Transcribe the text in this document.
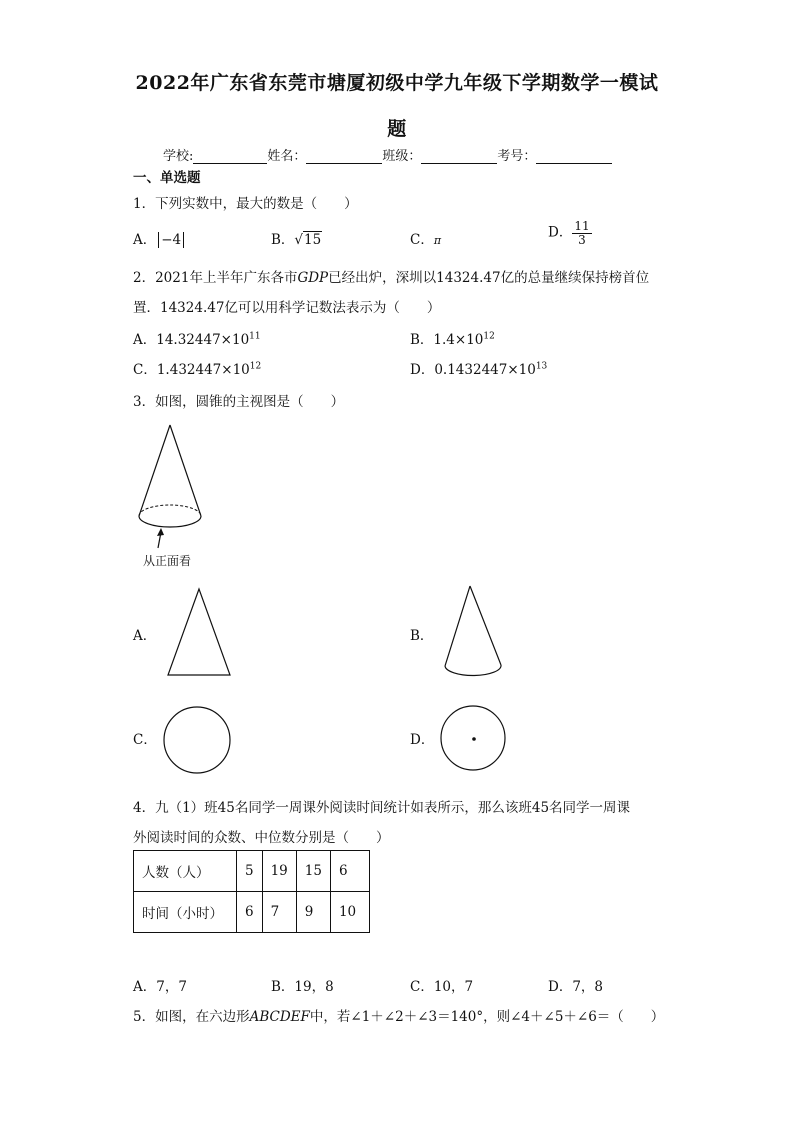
2022年广东省东莞市塘厦初级中学九年级下学期数学一模试
题
学校:	姓名：	班级：	考号：
一、单选题
1．下列实数中，最大的数是（　　）
A． −4	B．√15	C．π	D． $\frac{11}{3}$
2．2021年上半年广东各市GDP已经出炉，深圳以14324.47亿的总量继续保持榜首位
置．14324.47亿可以用科学记数法表示为（　　）
A．$14.32447\times 10^{11}$	B．$1.4\times 10^{12}$
C．$1.432447\times 10^{12}$	D．$0.1432447\times 10^{13}$
3．如图，圆锥的主视图是（　　）
从正面看
A．	B．
C．	D．
4．九（1）班45名同学一周课外阅读时间统计如表所示，那么该班45名同学一周课
外阅读时间的众数、中位数分别是（　　）
人数（人）	5	19	15	6
时间（小时）	6	7	9	10
A．7，7	B．19，8	C．10，7	D．7，8
5．如图，在六边形ABCDEF中，若∠1＋∠2＋∠3＝140°，则∠4＋∠5＋∠6＝（　　）
